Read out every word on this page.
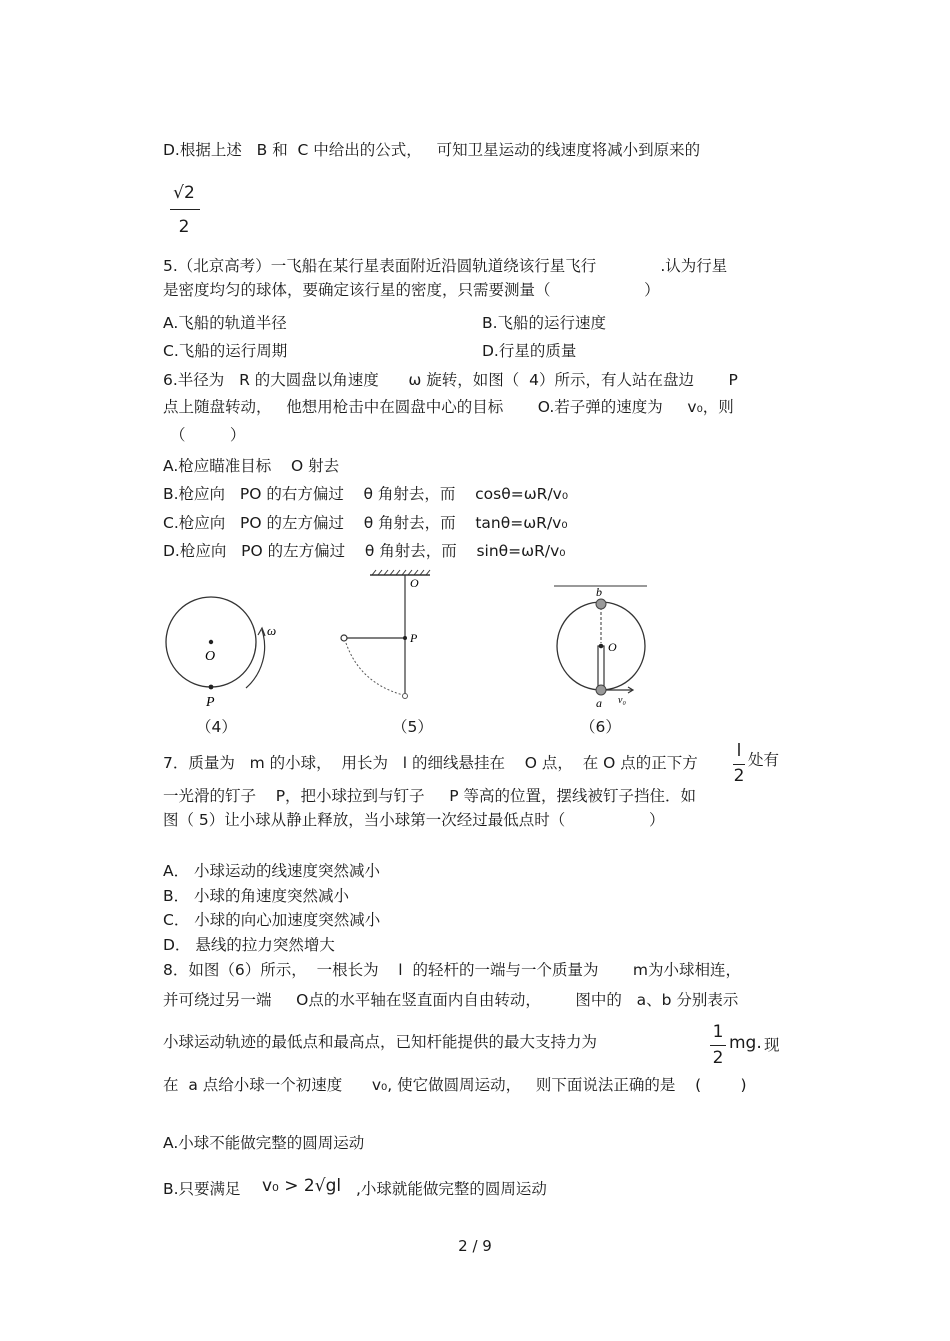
D.根据上述   B 和  C 中给出的公式，   可知卫星运动的线速度将减小到原来的
√2
2
5.（北京高考）一飞船在某行星表面附近沿圆轨道绕该行星飞行             .认为行星
是密度均匀的球体，要确定该行星的密度，只需要测量（                   ）
A.飞船的轨道半径	B.飞船的运行速度
C.飞船的运行周期	D.行星的质量
6.半径为   R 的大圆盘以角速度      ω 旋转，如图（  4）所示，有人站在盘边       P
点上随盘转动，   他想用枪击中在圆盘中心的目标       O.若子弹的速度为     v₀，则
（         ）
A.枪应瞄准目标    O 射去
B.枪应向   PO 的右方偏过    θ 角射去，而    cosθ=ωR/v₀
C.枪应向   PO 的左方偏过    θ 角射去，而    tanθ=ωR/v₀
D.枪应向   PO 的左方偏过    θ 角射去，而    sinθ=ωR/v₀
O
P
ω
（4）
O
P
（5）
b
O
a v₀
（6）
7．质量为   m 的小球，  用长为   l 的细线悬挂在    O 点，  在 O 点的正下方
l
2
处有
一光滑的钉子    P，把小球拉到与钉子     P 等高的位置，摆线被钉子挡住．如
图（ 5）让小球从静止释放，当小球第一次经过最低点时（                 ）
A． 小球运动的线速度突然减小
B． 小球的角速度突然减小
C． 小球的向心加速度突然减小
D． 悬线的拉力突然增大
8．如图（6）所示，  一根长为    l  的轻杆的一端与一个质量为       m为小球相连，
并可绕过另一端     O点的水平轴在竖直面内自由转动，       图中的   a、b 分别表示
小球运动轨迹的最低点和最高点，已知杆能提供的最大支持力为	1
2
mg. 现
在  a 点给小球一个初速度      v₀, 使它做圆周运动，   则下面说法正确的是    (        )
A.小球不能做完整的圆周运动
B.只要满足 v₀ > 2√gl ,小球就能做完整的圆周运动
2 / 9
